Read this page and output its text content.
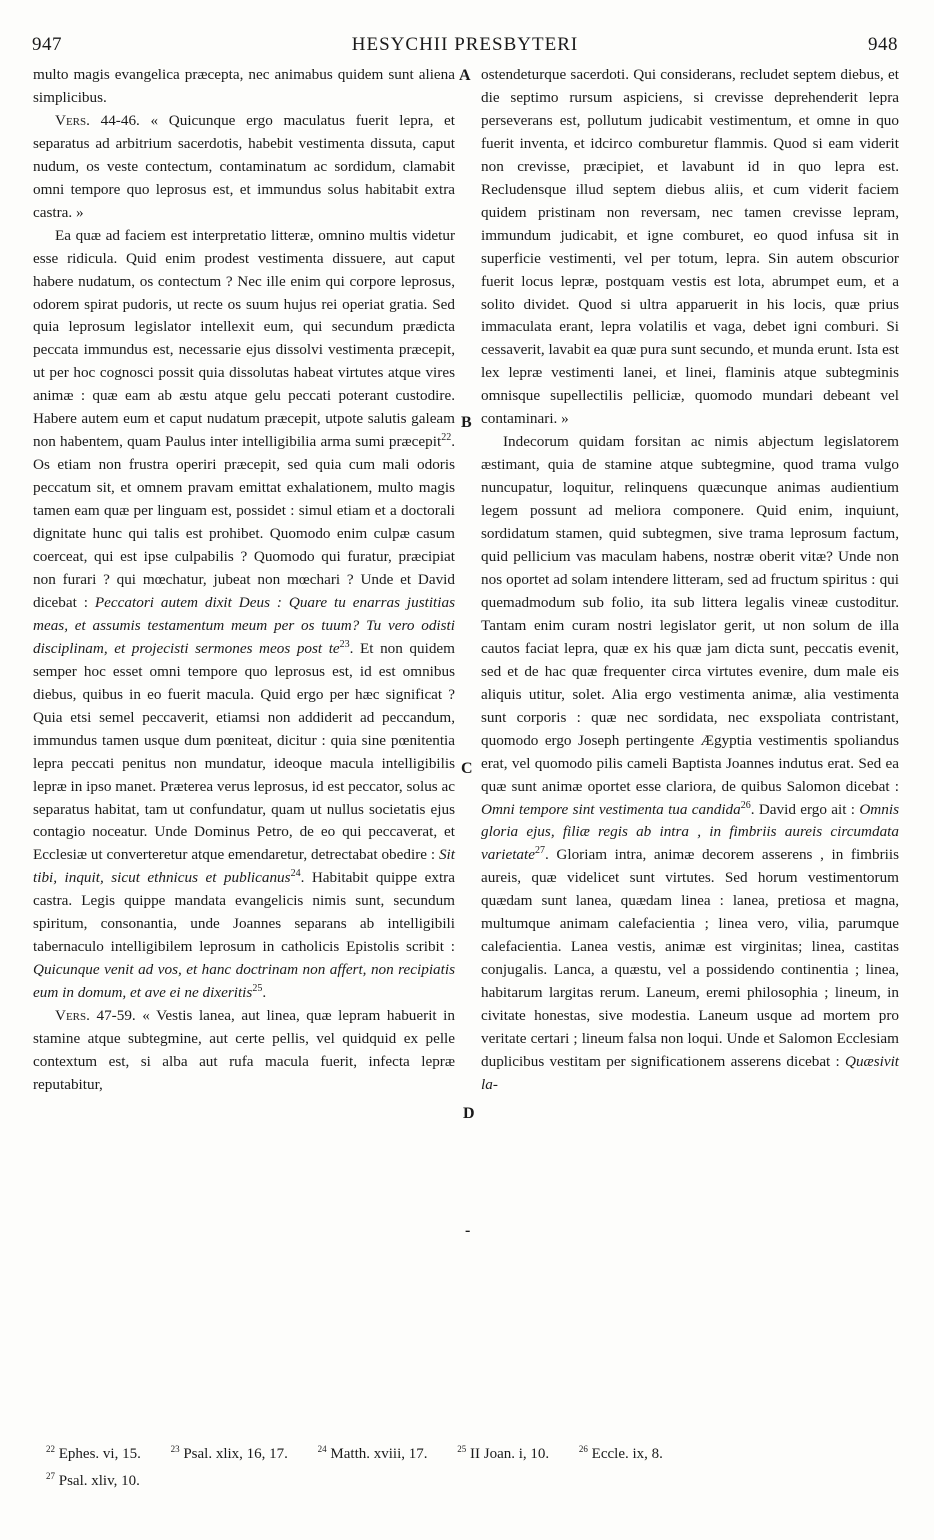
947	HESYCHII PRESBYTERI	948
A
B
C
D
-

multo magis evangelica præcepta, nec animabus quidem sunt aliena simplicibus.

Vers. 44-46. « Quicunque ergo maculatus fuerit lepra, et separatus ad arbitrium sacerdotis, habebit vestimenta dissuta, caput nudum, os veste contectum, contaminatum ac sordidum, clamabit omni tempore quo leprosus est, et immundus solus habitabit extra castra. »

Ea quæ ad faciem est interpretatio litteræ, omnino multis videtur esse ridicula. Quid enim prodest vestimenta dissuere, aut caput habere nudatum, os contectum ? Nec ille enim qui corpore leprosus, odorem spirat pudoris, ut recte os suum hujus rei operiat gratia. Sed quia leprosum legislator intellexit eum, qui secundum prædicta peccata immundus est, necessarie ejus dissolvi vestimenta præcepit, ut per hoc cognosci possit quia dissolutas habeat virtutes atque vires animæ : quæ eam ab æstu atque gelu peccati poterant custodire. Habere autem eum et caput nudatum præcepit, utpote salutis galeam non habentem, quam Paulus inter intelligibilia arma sumi præcepit$^{22}$. Os etiam non frustra operiri præcepit, sed quia cum mali odoris peccatum sit, et omnem pravam emittat exhalationem, multo magis tamen eam quæ per linguam est, possidet : simul etiam et a doctorali dignitate hunc qui talis est prohibet. Quomodo enim culpæ casum coerceat, qui est ipse culpabilis ? Quomodo qui furatur, præcipiat non furari ? qui mœchatur, jubeat non mœchari ? Unde et David dicebat : Peccatori autem dixit Deus : Quare tu enarras justitias meas, et assumis testamentum meum per os tuum? Tu vero odisti disciplinam, et projecisti sermones meos post $te^{23}$. Et non quidem semper hoc esset omni tempore quo leprosus est, id est omnibus diebus, quibus in eo fuerit macula. Quid ergo per hæc significat ? Quia etsi semel peccaverit, etiamsi non addiderit ad peccandum, immundus tamen usque dum pœniteat, dicitur : quia sine pœnitentia lepra peccati penitus non mundatur, ideoque macula intelligibilis lepræ in ipso manet. Præterea verus leprosus, id est peccator, solus ac separatus habitat, tam ut confundatur, quam ut nullus societatis ejus contagio noceatur. Unde Dominus Petro, de eo qui peccaverat, et Ecclesiæ ut converteretur atque emendaretur, detrectabat obedire : Sit tibi, inquit, sicut ethnicus et publicanus$^{24}$. Habitabit quippe extra castra. Legis quippe mandata evangelicis nimis sunt, secundum spiritum, consonantia, unde Joannes separans ab intelligibili tabernaculo intelligibilem leprosum in catholicis Epistolis scribit : Quicunque venit ad vos, et hanc doctrinam non affert, non recipiatis eum in domum, et ave ei ne dixeritis$^{25}$.

Vers. 47-59. « Vestis lanea, aut linea, quæ lepram habuerit in stamine atque subtegmine, aut certe pellis, vel quidquid ex pelle contextum est, si alba aut rufa macula fuerit, infecta lepræ reputabitur,

ostendeturque sacerdoti. Qui considerans, recludet septem diebus, et die septimo rursum aspiciens, si crevisse deprehenderit lepra perseverans est, pollutum judicabit vestimentum, et omne in quo fuerit inventa, et idcirco comburetur flammis. Quod si eam viderit non crevisse, præcipiet, et lavabunt id in quo lepra est. Recludensque illud septem diebus aliis, et cum viderit faciem quidem pristinam non reversam, nec tamen crevisse lepram, immundum judicabit, et igne comburet, eo quod infusa sit in superficie vestimenti, vel per totum, lepra. Sin autem obscurior fuerit locus lepræ, postquam vestis est lota, abrumpet eum, et a solito dividet. Quod si ultra apparuerit in his locis, quæ prius immaculata erant, lepra volatilis et vaga, debet igni comburi. Si cessaverit, lavabit ea quæ pura sunt secundo, et munda erunt. Ista est lex lepræ vestimenti lanei, et linei, flaminis atque subtegminis omnisque supellectilis pelliciæ, quomodo mundari debeant vel contaminari. »

Indecorum quidam forsitan ac nimis abjectum legislatorem æstimant, quia de stamine atque subtegmine, quod trama vulgo nuncupatur, loquitur, relinquens quæcunque animas audientium legem possunt ad meliora componere. Quid enim, inquiunt, sordidatum stamen, quid subtegmen, sive trama leprosum factum, quid pellicium vas maculam habens, nostræ oberit vitæ? Unde non nos oportet ad solam intendere litteram, sed ad fructum spiritus : qui quemadmodum sub folio, ita sub littera legalis vineæ custoditur. Tantam enim curam nostri legislator gerit, ut non solum de illa cautos faciat lepra, quæ ex his quæ jam dicta sunt, peccatis evenit, sed et de hac quæ frequenter circa virtutes evenire, dum male eis aliquis utitur, solet. Alia ergo vestimenta animæ, alia vestimenta sunt corporis : quæ nec sordidata, nec exspoliata contristant, quomodo ergo Joseph pertingente Ægyptia vestimentis spoliandus erat, vel quomodo pilis cameli Baptista Joannes indutus erat. Sed ea quæ sunt animæ oportet esse clariora, de quibus Salomon dicebat : Omni tempore sint vestimenta tua candida$^{26}$. David ergo ait : Omnis gloria ejus, filiæ regis ab intra , in fimbriis aureis circumdata varietate$^{27}$. Gloriam intra, animæ decorem asserens , in fimbriis aureis, quæ videlicet sunt virtutes. Sed horum vestimentorum quædam sunt lanea, quædam linea : lanea, pretiosa et magna, multumque animam calefacientia ; linea vero, vilia, parumque calefacientia. Lanea vestis, animæ est virginitas; linea, castitas conjugalis. Lanca, a quæstu, vel a possidendo continentia ; linea, habitarum largitas rerum. Laneum, eremi philosophia ; lineum, in civitate honestas, sive modestia. Laneum usque ad mortem pro veritate certari ; lineum falsa non loqui. Unde et Salomon Ecclesiam duplicibus vestitam per significationem asserens dicebat : Quæsivit la-

$^{22}$ Ephes. vi, 15.	$^{23}$ Psal. xlix, 16, 17.	$^{24}$ Matth. xviii, 17.	$^{25}$ II Joan. i, 10.	$^{26}$ Eccle. ix, 8.
$^{27}$ Psal. xliv, 10.
